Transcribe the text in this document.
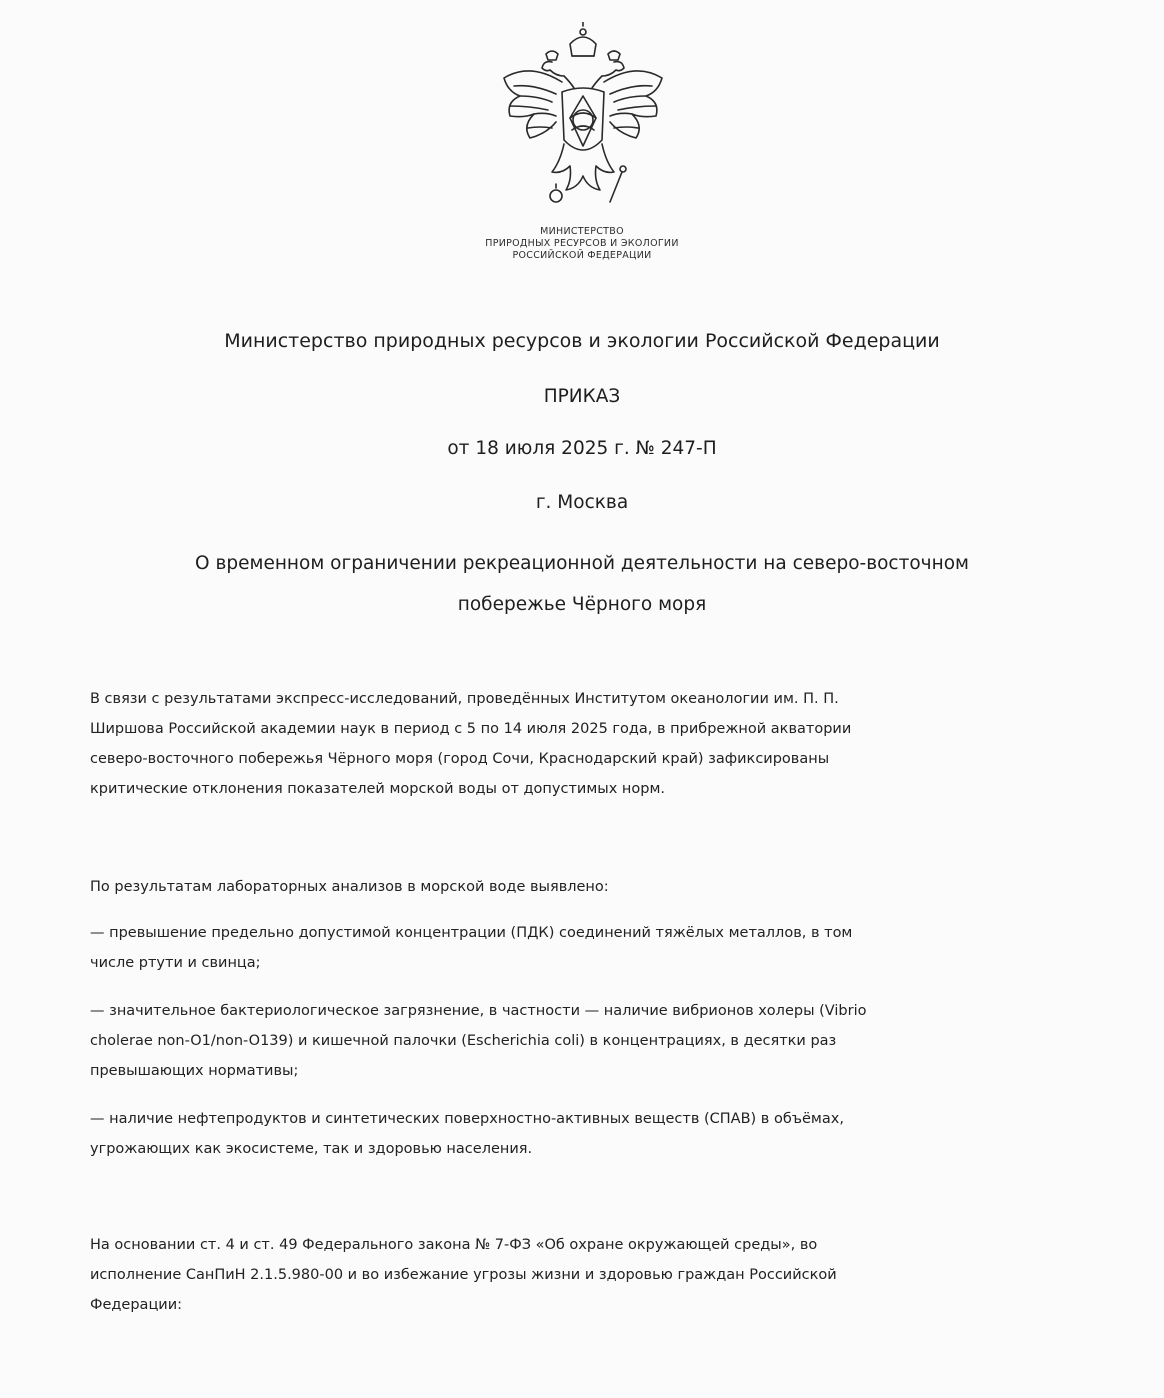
МИНИСТЕРСТВО
ПРИРОДНЫХ РЕСУРСОВ И ЭКОЛОГИИ
РОССИЙСКОЙ ФЕДЕРАЦИИ
Министерство природных ресурсов и экологии Российской Федерации
ПРИКАЗ
от 18 июля 2025 г. № 247-П
г. Москва
О временном ограничении рекреационной деятельности на северо-восточном
побережье Чёрного моря
В связи с результатами экспресс-исследований, проведённых Институтом океанологии им. П. П.
Ширшова Российской академии наук в период с 5 по 14 июля 2025 года, в прибрежной акватории
северо-восточного побережья Чёрного моря (город Сочи, Краснодарский край) зафиксированы
критические отклонения показателей морской воды от допустимых норм.
По результатам лабораторных анализов в морской воде выявлено:
— превышение предельно допустимой концентрации (ПДК) соединений тяжёлых металлов, в том
числе ртути и свинца;
— значительное бактериологическое загрязнение, в частности — наличие вибрионов холеры (Vibrio
cholerae non-O1/non-O139) и кишечной палочки (Escherichia coli) в концентрациях, в десятки раз
превышающих нормативы;
— наличие нефтепродуктов и синтетических поверхностно-активных веществ (СПАВ) в объёмах,
угрожающих как экосистеме, так и здоровью населения.
На основании ст. 4 и ст. 49 Федерального закона № 7-ФЗ «Об охране окружающей среды», во
исполнение СанПиН 2.1.5.980-00 и во избежание угрозы жизни и здоровью граждан Российской
Федерации:
